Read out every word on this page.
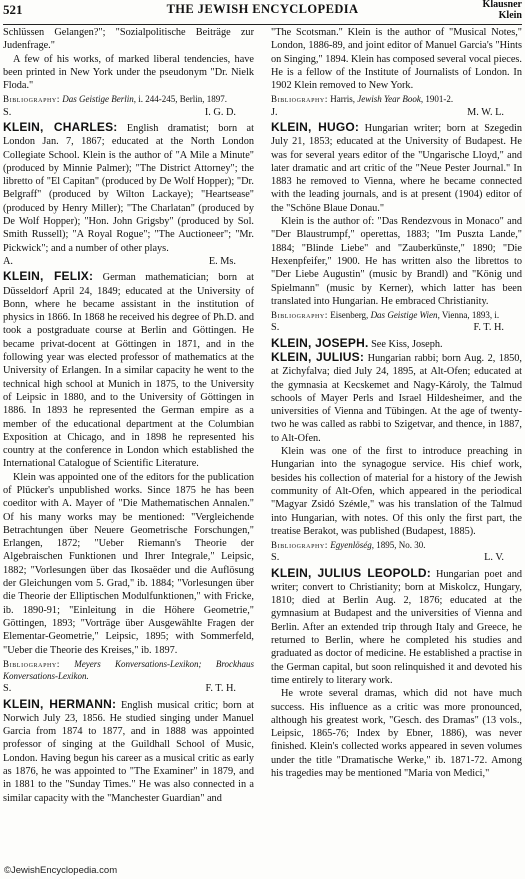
521	THE JEWISH ENCYCLOPEDIA	Klausner
Klein

Schlüssen Gelangen?"; "Sozialpolitische Beiträge zur Judenfrage."

A few of his works, of marked liberal tendencies, have been printed in New York under the pseudonym "Dr. Nielk Floda."

Bibliography: Das Geistige Berlin, i. 244-245, Berlin, 1897.

S.	I. G. D.

KLEIN, CHARLES: English dramatist; born at London Jan. 7, 1867; educated at the North London Collegiate School. Klein is the author of "A Mile a Minute" (produced by Minnie Palmer); "The District Attorney"; the libretto of "El Capitan" (produced by De Wolf Hopper); "Dr. Belgraff" (produced by Wilton Lackaye); "Heartsease" (produced by Henry Miller); "The Charlatan" (produced by De Wolf Hopper); "Hon. John Grigsby" (produced by Sol. Smith Russell); "A Royal Rogue"; "The Auctioneer"; "Mr. Pickwick"; and a number of other plays.

A.	E. Ms.

KLEIN, FELIX: German mathematician; born at Düsseldorf April 24, 1849; educated at the University of Bonn, where he became assistant in the institution of physics in 1866. In 1868 he received his degree of Ph.D. and took a postgraduate course at Berlin and Göttingen. He became privat-docent at Göttingen in 1871, and in the following year was elected professor of mathematics at the University of Erlangen. In a similar capacity he went to the technical high school at Munich in 1875, to the University of Leipsic in 1880, and to the University of Göttingen in 1886. In 1893 he represented the German empire as a member of the educational department at the Columbian Exposition at Chicago, and in 1898 he represented his country at the conference in London which established the International Catalogue of Scientific Literature.

Klein was appointed one of the editors for the publication of Plücker's unpublished works. Since 1875 he has been coeditor with A. Mayer of "Die Mathematischen Annalen." Of his many works may be mentioned: "Vergleichende Betrachtungen über Neuere Geometrische Forschungen," Erlangen, 1872; "Ueber Riemann's Theorie der Algebraischen Funktionen und Ihrer Integrale," Leipsic, 1882; "Vorlesungen über das Ikosaëder und die Auflösung der Gleichungen vom 5. Grad," ib. 1884; "Vorlesungen über die Theorie der Elliptischen Modulfunktionen," with Fricke, ib. 1890-91; "Einleitung in die Höhere Geometrie," Göttingen, 1893; "Vorträge über Ausgewählte Fragen der Elementar-Geometrie," Leipsic, 1895; with Sommerfeld, "Ueber die Theorie des Kreises," ib. 1897.

Bibliography: Meyers Konversations-Lexikon; Brockhaus Konversations-Lexikon.

S.	F. T. H.

KLEIN, HERMANN: English musical critic; born at Norwich July 23, 1856. He studied singing under Manuel Garcia from 1874 to 1877, and in 1888 was appointed professor of singing at the Guildhall School of Music, London. Having begun his career as a musical critic as early as 1876, he was appointed to "The Examiner" in 1879, and in 1881 to the "Sunday Times." He was also connected in a similar capacity with the "Manchester Guardian" and

"The Scotsman." Klein is the author of "Musical Notes," London, 1886-89, and joint editor of Manuel Garcia's "Hints on Singing," 1894. Klein has composed several vocal pieces. He is a fellow of the Institute of Journalists of London. In 1902 Klein removed to New York.

Bibliography: Harris, Jewish Year Book, 1901-2.

J.	M. W. L.

KLEIN, HUGO: Hungarian writer; born at Szegedin July 21, 1853; educated at the University of Budapest. He was for several years editor of the "Ungarische Lloyd," and later dramatic and art critic of the "Neue Pester Journal." In 1883 he removed to Vienna, where he became connected with the leading journals, and is at present (1904) editor of the "Schöne Blaue Donau."

Klein is the author of: "Das Rendezvous in Monaco" and "Der Blaustrumpf," operettas, 1883; "Im Puszta Lande," 1884; "Blinde Liebe" and "Zauberkünste," 1890; "Die Hexenpfeifer," 1900. He has written also the librettos to "Der Liebe Augustin" (music by Brandl) and "König und Spielmann" (music by Kerner), which latter has been translated into Hungarian. He embraced Christianity.

Bibliography: Eisenberg, Das Geistige Wien, Vienna, 1893, i.

S.	F. T. H.

KLEIN, JOSEPH. See Kiss, Joseph.

KLEIN, JULIUS: Hungarian rabbi; born Aug. 2, 1850, at Zichyfalva; died July 24, 1895, at Alt-Ofen; educated at the gymnasia at Kecskemet and Nagy-Károly, the Talmud schools of Mayer Perls and Israel Hildesheimer, and the universities of Vienna and Tübingen. At the age of twenty-two he was called as rabbi to Szigetvar, and thence, in 1887, to Alt-Ofen.

Klein was one of the first to introduce preaching in Hungarian into the synagogue service. His chief work, besides his collection of material for a history of the Jewish community of Alt-Ofen, which appeared in the periodical "Magyar Zsidó Széмle," was his translation of the Talmud into Hungarian, with notes. Of this only the first part, the treatise Berakot, was published (Budapest, 1885).

Bibliography: Egyenlöség, 1895, No. 30.

S.	L. V.

KLEIN, JULIUS LEOPOLD: Hungarian poet and writer; convert to Christianity; born at Miskolcz, Hungary, 1810; died at Berlin Aug. 2, 1876; educated at the gymnasium at Budapest and the universities of Vienna and Berlin. After an extended trip through Italy and Greece, he returned to Berlin, where he completed his studies and graduated as doctor of medicine. He established a practise in the German capital, but soon relinquished it and devoted his time entirely to literary work.

He wrote several dramas, which did not have much success. His influence as a critic was more pronounced, although his greatest work, "Gesch. des Dramas" (13 vols., Leipsic, 1865-76; Index by Ebner, 1886), was never finished. Klein's collected works appeared in seven volumes under the title "Dramatische Werke," ib. 1871-72. Among his tragedies may be mentioned "Maria von Medici,"

©JewishEncyclopedia.com
